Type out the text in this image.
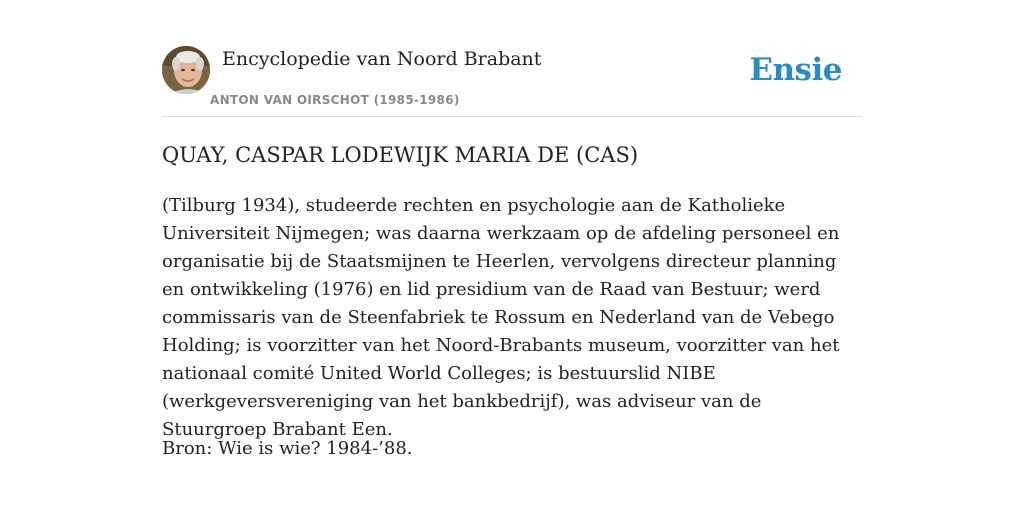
Encyclopedie van Noord Brabant
ANTON VAN OIRSCHOT (1985-1986)
Ensie
QUAY, CASPAR LODEWIJK MARIA DE (CAS)

(Tilburg 1934), studeerde rechten en psychologie aan de Katholieke Universiteit Nijmegen; was daarna werkzaam op de afdeling personeel en organisatie bij de Staatsmijnen te Heerlen, vervolgens directeur planning en ontwikkeling (1976) en lid presidium van de Raad van Bestuur; werd commissaris van de Steenfabriek te Rossum en Nederland van de Vebego Holding; is voorzitter van het Noord-Brabants museum, voorzitter van het nationaal comité United World Colleges; is bestuurslid NIBE (werkgeversvereniging van het bankbedrijf), was adviseur van de Stuurgroep Brabant Een.

Bron: Wie is wie? 1984-’88.
